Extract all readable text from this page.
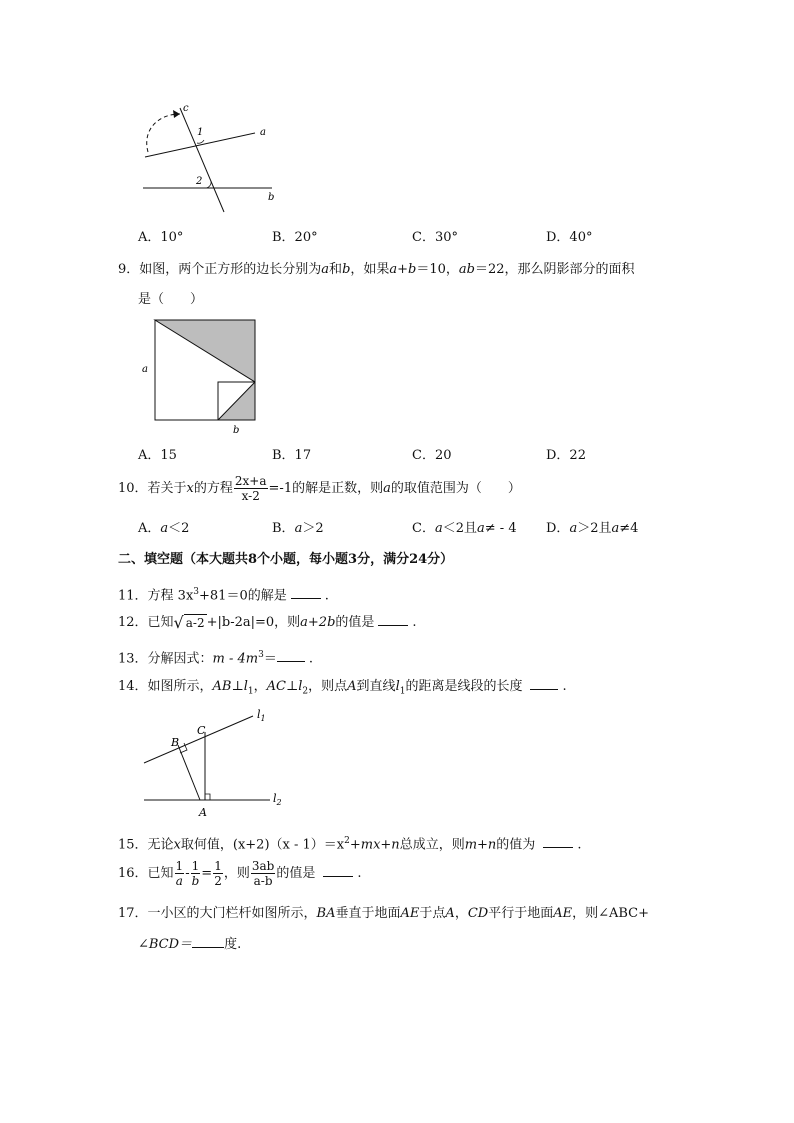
c
1	a
2
b
A．10°	B．20°	C．30°	D．40°
9．如图，两个正方形的边长分别为a和b，如果a+b＝10，ab＝22，那么阴影部分的面积
是（　　）
a
b
A．15	B．17	C．20	D．22
10．若关于x的方程 $\frac{2x+a}{x-2} =-1$的解是正数，则a的取值范围为（　　）
A．a＜2	B．a＞2	C．a＜2且a≠ - 4 D．a＞2且a≠4
二、填空题（本大题共8个小题，每小题3分，满分24分）
11．方程 $3x^3+81=0$的解是	.
12．已知 √ a-2 +|b-2a|=0，则a+2b的值是	.
13．分解因式：$m - 4m^3=$ .
14．如图所示，$AB\perp l_1$，$AC\perp l_2$，则点A到直线$l_1$的距离是线段的长度	.
B
C
A
$l_1$
$l_2$
15．无论x取何值，$(x+2)(x - 1)=x^2+mx+n$总成立，则m+n的值为	.
16．已知 $\frac{1}{a} - \frac{1}{b} = \frac{1}{2}$ ，则 $\frac{3ab}{a-b}$ 的值是	.
17．一小区的大门栏杆如图所示，BA垂直于地面AE于点A，CD平行于地面AE，则∠ABC+
∠BCD＝ 度.
